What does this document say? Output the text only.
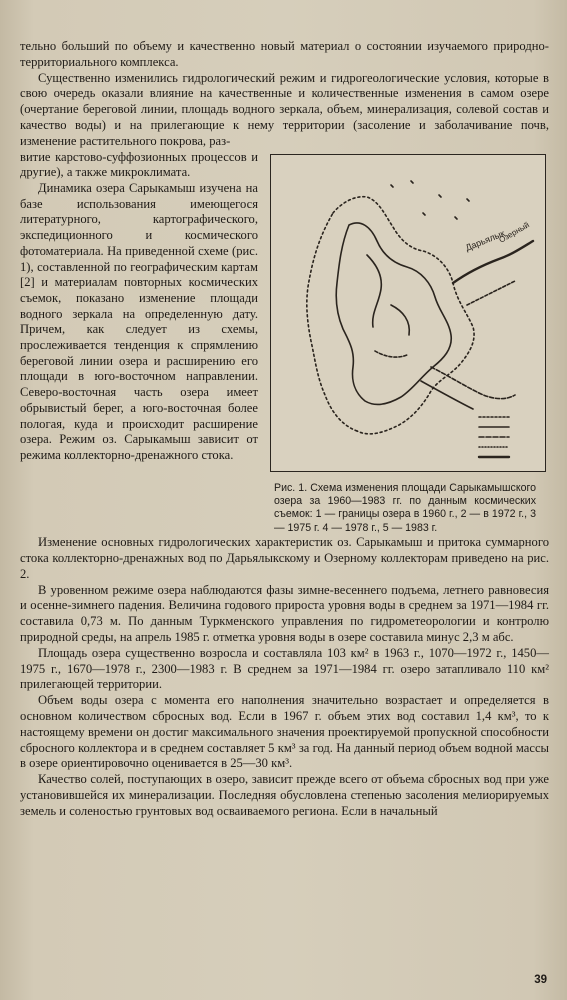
тельно больший по объему и качественно новый материал о состоянии изучаемого природно-территориального комплекса.

Существенно изменились гидрологический режим и гидрогеологические условия, которые в свою очередь оказали влияние на качественные и количественные изменения в самом озере (очертание береговой линии, площадь водного зеркала, объем, минерализация, солевой состав и качество воды) и на прилегающие к нему территории (засоление и заболачивание почв, изменение растительного покрова, раз-

витие карстово-суффозионных процессов и другие), а также микроклимата.

Динамика озера Сарыкамыш изучена на базе использования имеющегося литературного, картографического, экспедиционного и космического фотоматериала. На приведенной схеме (рис. 1), составленной по географическим картам [2] и материалам повторных космических съемок, показано изменение площади водного зеркала на определенную дату. Причем, как следует из схемы, прослеживается тенденция к спрямлению береговой линии озера и расширению его площади в юго-восточном направлении. Северо-восточная часть озера имеет обрывистый берег, а юго-восточная более пологая, куда и происходит расширение озера. Режим оз. Сарыкамыш зависит от режима коллекторно-дренажного стока.

Дарьялык
Озерный

Рис. 1. Схема изменения площади Сарыкамышского озера за 1960—1983 гг. по данным космических съемок: 1 — границы озера в 1960 г., 2 — в 1972 г., 3 — 1975 г. 4 — 1978 г., 5 — 1983 г.

Изменение основных гидрологических характеристик оз. Сарыкамыш и притока суммарного стока коллекторно-дренажных вод по Дарьялыкскому и Озерному коллекторам приведено на рис. 2.

В уровенном режиме озера наблюдаются фазы зимне-весеннего подъема, летнего равновесия и осенне-зимнего падения. Величина годового прироста уровня воды в среднем за 1971—1984 гг. составила 0,73 м. По данным Туркменского управления по гидрометеорологии и контролю природной среды, на апрель 1985 г. отметка уровня воды в озере составила минус 2,3 м абс.

Площадь озера существенно возросла и составляла 103 км² в 1963 г., 1070—1972 г., 1450—1975 г., 1670—1978 г., 2300—1983 г. В среднем за 1971—1984 гг. озеро затапливало 110 км² прилегающей территории.

Объем воды озера с момента его наполнения значительно возрастает и определяется в основном количеством сбросных вод. Если в 1967 г. объем этих вод составил 1,4 км³, то к настоящему времени он достиг максимального значения проектируемой пропускной способности сбросного коллектора и в среднем составляет 5 км³ за год. На данный период объем водной массы в озере ориентировочно оценивается в 25—30 км³.

Качество солей, поступающих в озеро, зависит прежде всего от объема сбросных вод при уже установившейся их минерализации. Последняя обусловлена степенью засоления мелиорируемых земель и соленостью грунтовых вод осваиваемого региона. Если в начальный

39
